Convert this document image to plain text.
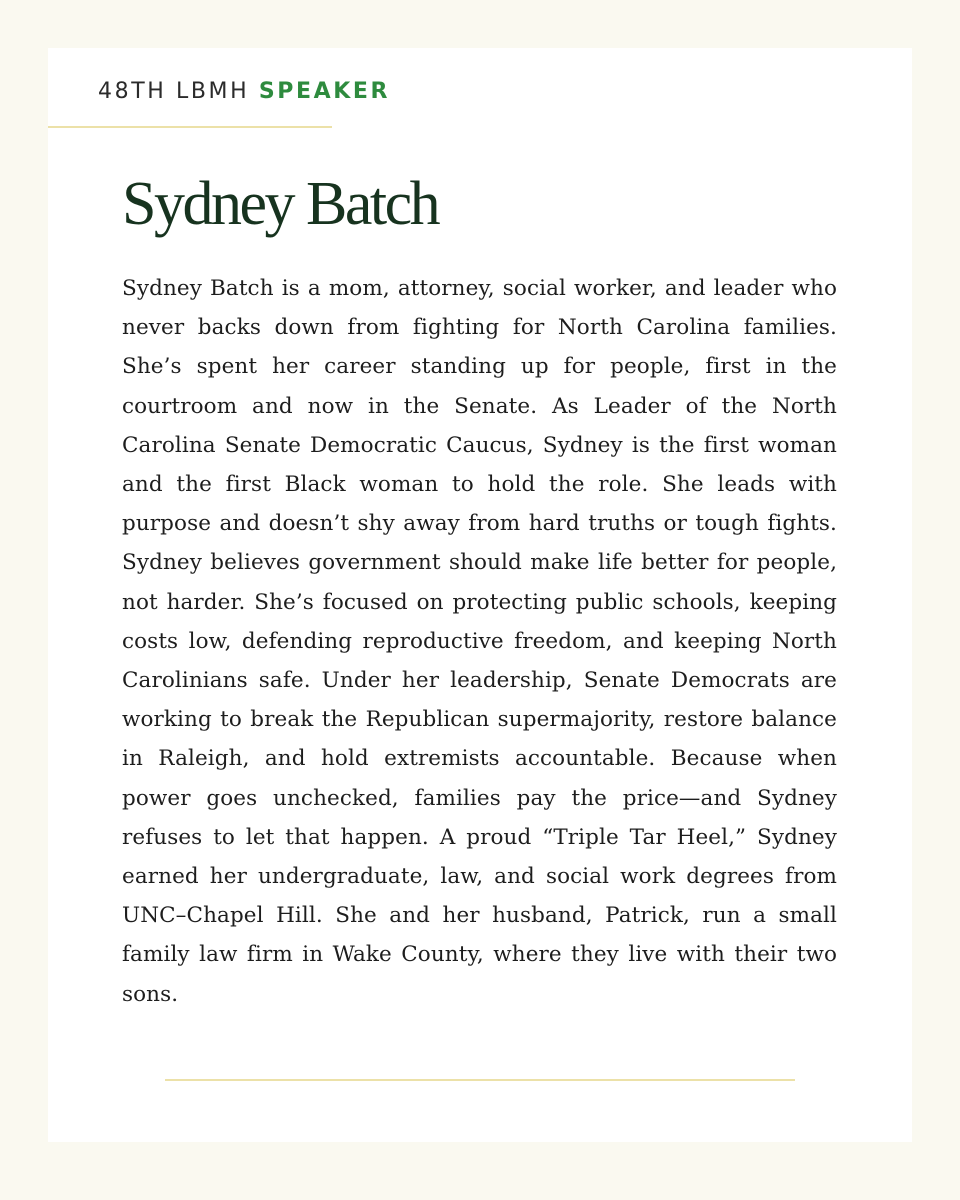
48TH LBMH SPEAKER

Sydney Batch

Sydney Batch is a mom, attorney, social worker, and leader who never backs down from fighting for North Carolina families. She’s spent her career standing up for people, first in the courtroom and now in the Senate. As Leader of the North Carolina Senate Democratic Caucus, Sydney is the first woman and the first Black woman to hold the role. She leads with purpose and doesn’t shy away from hard truths or tough fights. Sydney believes government should make life better for people, not harder. She’s focused on protecting public schools, keeping costs low, defending reproductive freedom, and keeping North Carolinians safe. Under her leadership, Senate Democrats are working to break the Republican supermajority, restore balance in Raleigh, and hold extremists accountable. Because when power goes unchecked, families pay the price—and Sydney refuses to let that happen. A proud “Triple Tar Heel,” Sydney earned her undergraduate, law, and social work degrees from UNC–Chapel Hill. She and her husband, Patrick, run a small family law firm in Wake County, where they live with their two sons.
